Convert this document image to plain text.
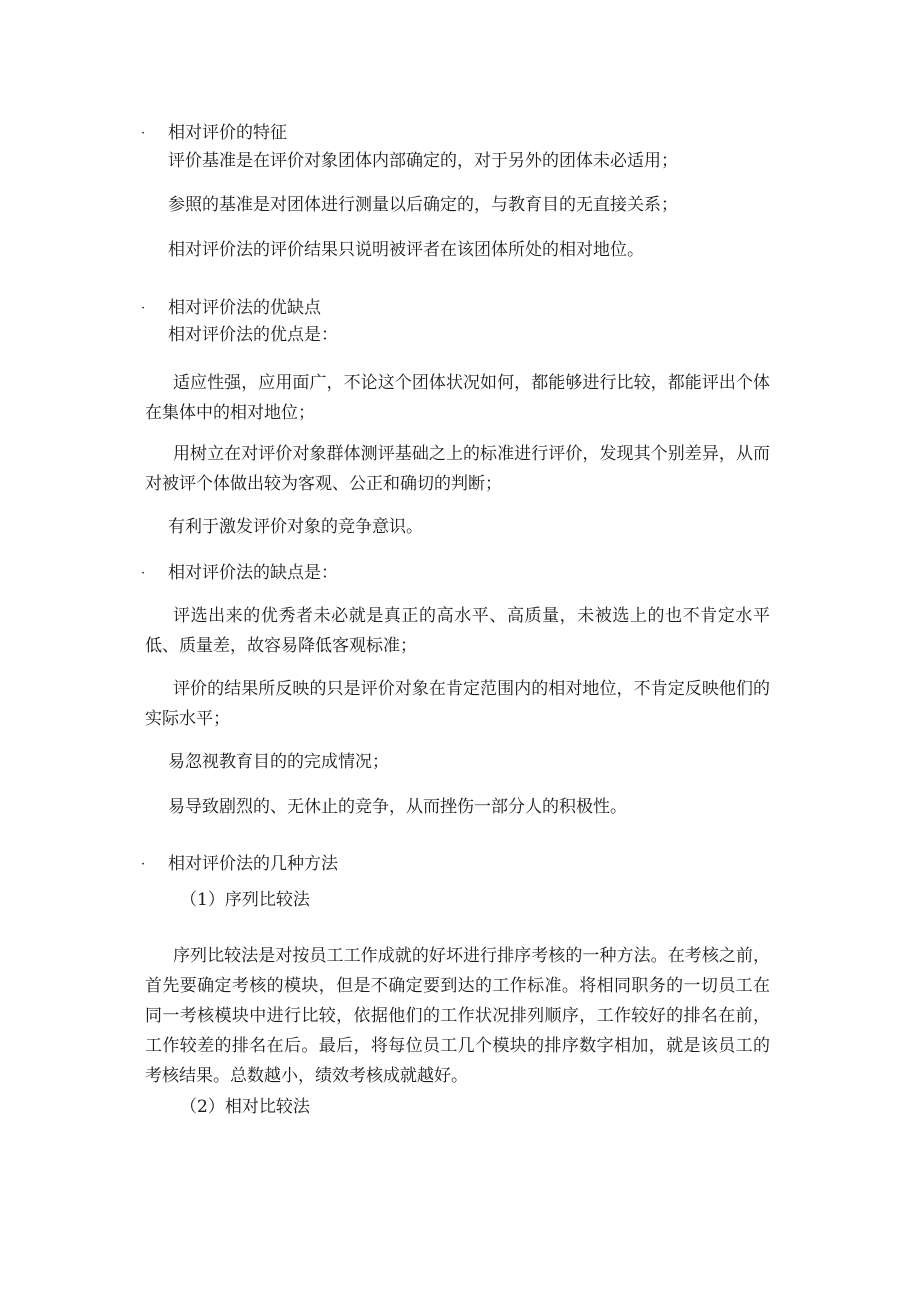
· 相对评价的特征
评价基准是在评价对象团体内部确定的，对于另外的团体未必适用；
参照的基准是对团体进行测量以后确定的，与教育目的无直接关系；
相对评价法的评价结果只说明被评者在该团体所处的相对地位。
· 相对评价法的优缺点
相对评价法的优点是：
适应性强，应用面广，不论这个团体状况如何，都能够进行比较，都能评出个体在集体中的相对地位；
用树立在对评价对象群体测评基础之上的标准进行评价，发现其个别差异，从而对被评个体做出较为客观、公正和确切的判断；
有利于激发评价对象的竞争意识。
· 相对评价法的缺点是：
评选出来的优秀者未必就是真正的高水平、高质量，未被选上的也不肯定水平低、质量差，故容易降低客观标准；
评价的结果所反映的只是评价对象在肯定范围内的相对地位，不肯定反映他们的实际水平；
易忽视教育目的的完成情况；
易导致剧烈的、无休止的竞争，从而挫伤一部分人的积极性。
· 相对评价法的几种方法
（1）序列比较法
序列比较法是对按员工工作成就的好坏进行排序考核的一种方法。在考核之前，首先要确定考核的模块，但是不确定要到达的工作标准。将相同职务的一切员工在同一考核模块中进行比较，依据他们的工作状况排列顺序，工作较好的排名在前，工作较差的排名在后。最后，将每位员工几个模块的排序数字相加，就是该员工的考核结果。总数越小，绩效考核成就越好。
（2）相对比较法
